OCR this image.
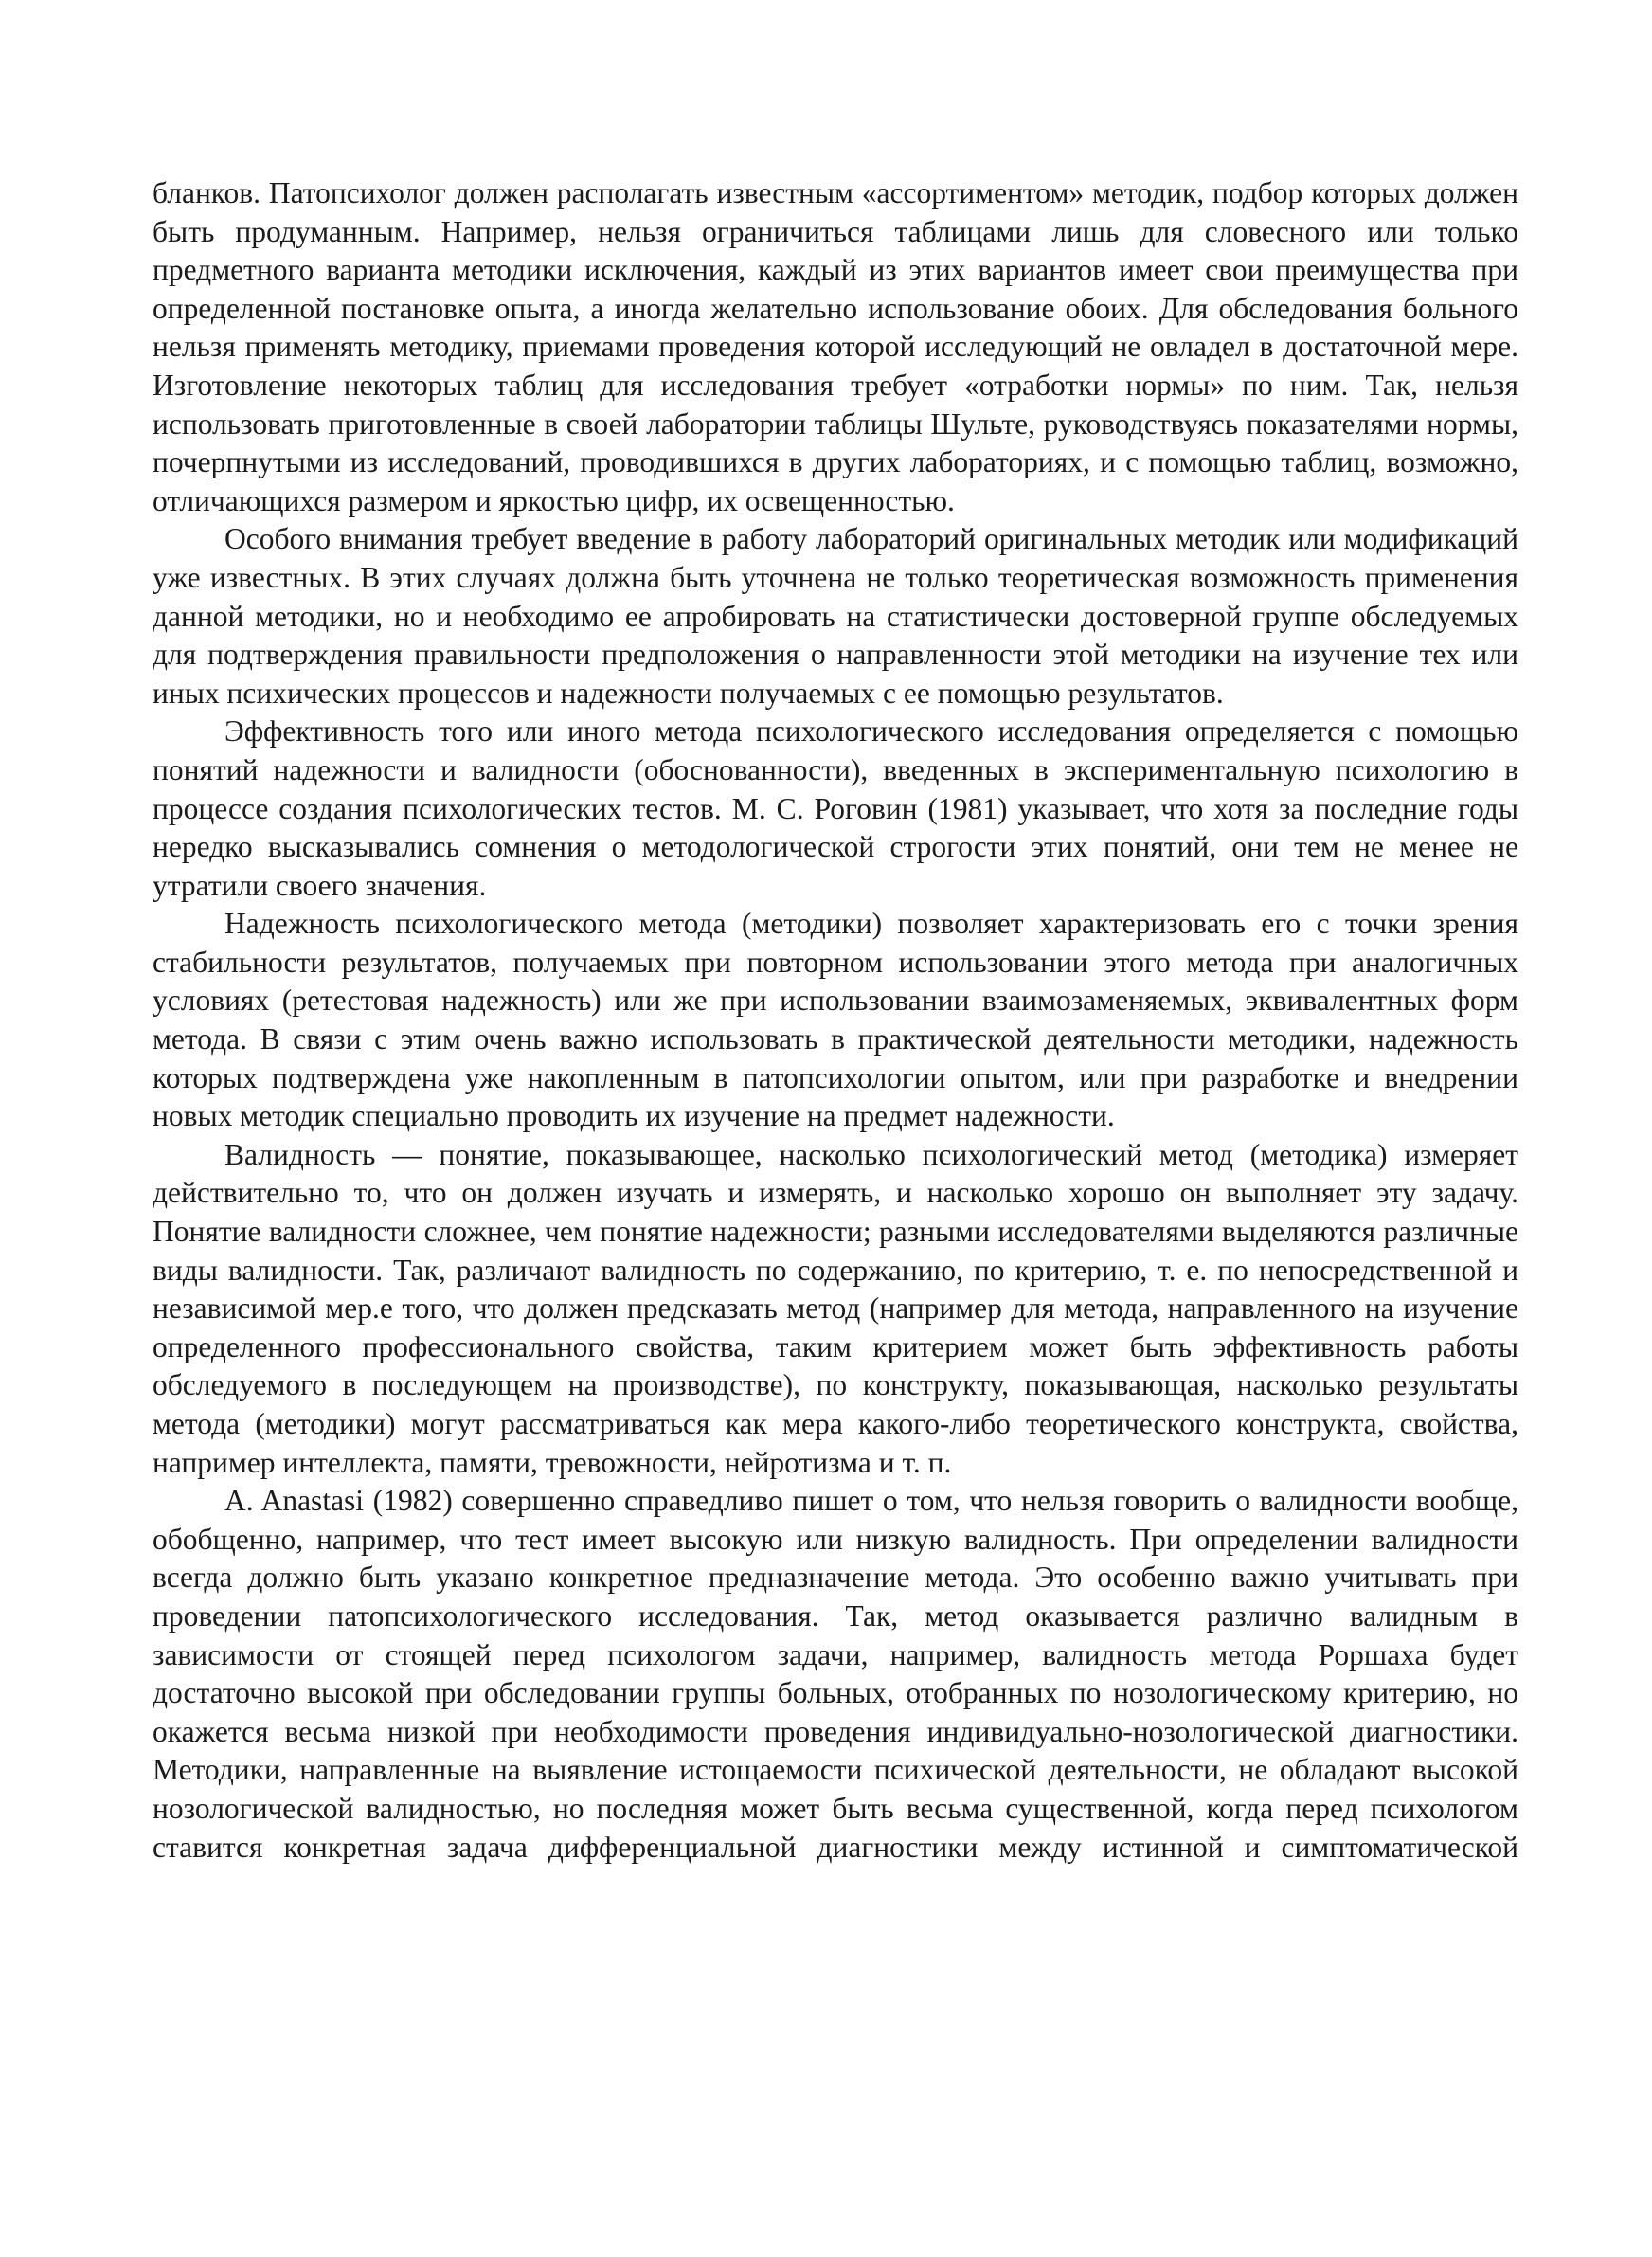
бланков. Патопсихолог должен располагать известным «ассортиментом» методик, подбор которых должен быть продуманным. Например, нельзя ограничиться таблицами лишь для словесного или только предметного варианта методики исключения, каждый из этих вариантов имеет свои преимущества при определенной постановке опыта, а иногда желательно использование обоих. Для обследования больного нельзя применять методику, приемами проведения которой исследующий не овладел в достаточной мере. Изготовление некоторых таблиц для исследования требует «отработки нормы» по ним. Так, нельзя использовать приготовленные в своей лаборатории таблицы Шульте, руководствуясь показателями нормы, почерпнутыми из исследований, проводившихся в других лабораториях, и с помощью таблиц, возможно, отличающихся размером и яркостью цифр, их освещенностью.

Особого внимания требует введение в работу лабораторий оригинальных методик или модификаций уже известных. В этих случаях должна быть уточнена не только теоретическая возможность применения данной методики, но и необходимо ее апробировать на статистически достоверной группе обследуемых для подтверждения правильности предположения о направленности этой методики на изучение тех или иных психических процессов и надежности получаемых с ее помощью результатов.

Эффективность того или иного метода психологического исследования определяется с помощью понятий надежности и валидности (обоснованности), введенных в экспериментальную психологию в процессе создания психологических тестов. М. С. Роговин (1981) указывает, что хотя за последние годы нередко высказывались сомнения о методологической строгости этих понятий, они тем не менее не утратили своего значения.

Надежность психологического метода (методики) позволяет характеризовать его с точки зрения стабильности результатов, получаемых при повторном использовании этого метода при аналогичных условиях (ретестовая надежность) или же при использовании взаимозаменяемых, эквивалентных форм метода. В связи с этим очень важно использовать в практической деятельности методики, надежность которых подтверждена уже накопленным в патопсихологии опытом, или при разработке и внедрении новых методик специально проводить их изучение на предмет надежности.

Валидность — понятие, показывающее, насколько психологический метод (методика) измеряет действительно то, что он должен изучать и измерять, и насколько хорошо он выполняет эту задачу. Понятие валидности сложнее, чем понятие надежности; разными исследователями выделяются различные виды валидности. Так, различают валидность по содержанию, по критерию, т. е. по непосредственной и независимой мер.е того, что должен предсказать метод (например для метода, направленного на изучение определенного профессионального свойства, таким критерием может быть эффективность работы обследуемого в последующем на производстве), по конструкту, показывающая, насколько результаты метода (методики) могут рассматриваться как мера какого-либо теоретического конструкта, свойства, например интеллекта, памяти, тревожности, нейротизма и т. п.

A. Anastasi (1982) совершенно справедливо пишет о том, что нельзя говорить о валидности вообще, обобщенно, например, что тест имеет высокую или низкую валидность. При определении валидности всегда должно быть указано конкретное предназначение метода. Это особенно важно учитывать при проведении патопсихологического исследования. Так, метод оказывается различно валидным в зависимости от стоящей перед психологом задачи, например, валидность метода Роршаха будет достаточно высокой при обследовании группы больных, отобранных по нозологическому критерию, но окажется весьма низкой при необходимости проведения индивидуально-нозологической диагностики. Методики, направленные на выявление истощаемости психической деятельности, не обладают высокой нозологической валидностью, но последняя может быть весьма существенной, когда перед психологом ставится конкретная задача дифференциальной диагностики между истинной и симптоматической
